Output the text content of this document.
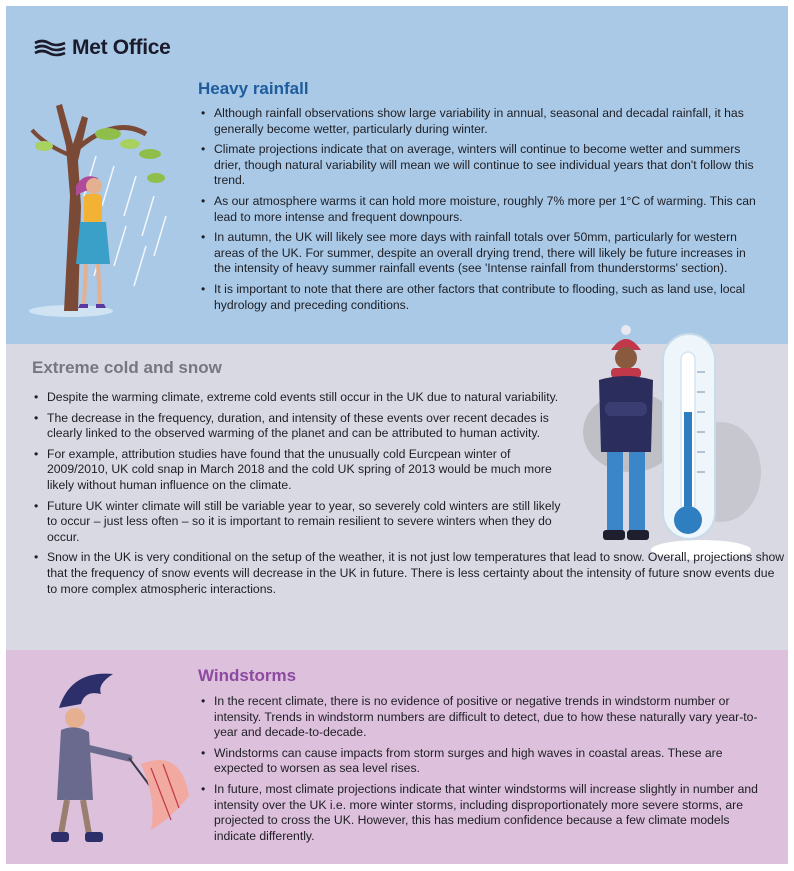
Met Office
Heavy rainfall
• Although rainfall observations show large variability in annual, seasonal and decadal rainfall, it has generally become wetter, particularly during winter.
• Climate projections indicate that on average, winters will continue to become wetter and summers drier, though natural variability will mean we will continue to see individual years that don't follow this trend.
• As our atmosphere warms it can hold more moisture, roughly 7% more per 1°C of warming. This can lead to more intense and frequent downpours.
• In autumn, the UK will likely see more days with rainfall totals over 50mm, particularly for western areas of the UK. For summer, despite an overall drying trend, there will likely be future increases in the intensity of heavy summer rainfall events (see 'Intense rainfall from thunderstorms' section).
• It is important to note that there are other factors that contribute to flooding, such as land use, local hydrology and preceding conditions.
Extreme cold and snow
• Despite the warming climate, extreme cold events still occur in the UK due to natural variability.
• The decrease in the frequency, duration, and intensity of these events over recent decades is clearly linked to the observed warming of the planet and can be attributed to human activity.
• For example, attribution studies have found that the unusually cold Eurcpean winter of 2009/2010, UK cold snap in March 2018 and the cold UK spring of 2013 would be much more likely without human influence on the climate.
• Future UK winter climate will still be variable year to year, so severely cold winters are still likely to occur – just less often – so it is important to remain resilient to severe winters when they do occur.
• Snow in the UK is very conditional on the setup of the weather, it is not just low temperatures that lead to snow. Overall, projections show that the frequency of snow events will decrease in the UK in future. There is less certainty about the intensity of future snow events due to more complex atmospheric interactions.
Windstorms
• In the recent climate, there is no evidence of positive or negative trends in windstorm number or intensity. Trends in windstorm numbers are difficult to detect, due to how these naturally vary year-to-year and decade-to-decade.
• Windstorms can cause impacts from storm surges and high waves in coastal areas. These are expected to worsen as sea level rises.
• In future, most climate projections indicate that winter windstorms will increase slightly in number and intensity over the UK i.e. more winter storms, including disproportionately more severe storms, are projected to cross the UK. However, this has medium confidence because a few climate models indicate differently.
